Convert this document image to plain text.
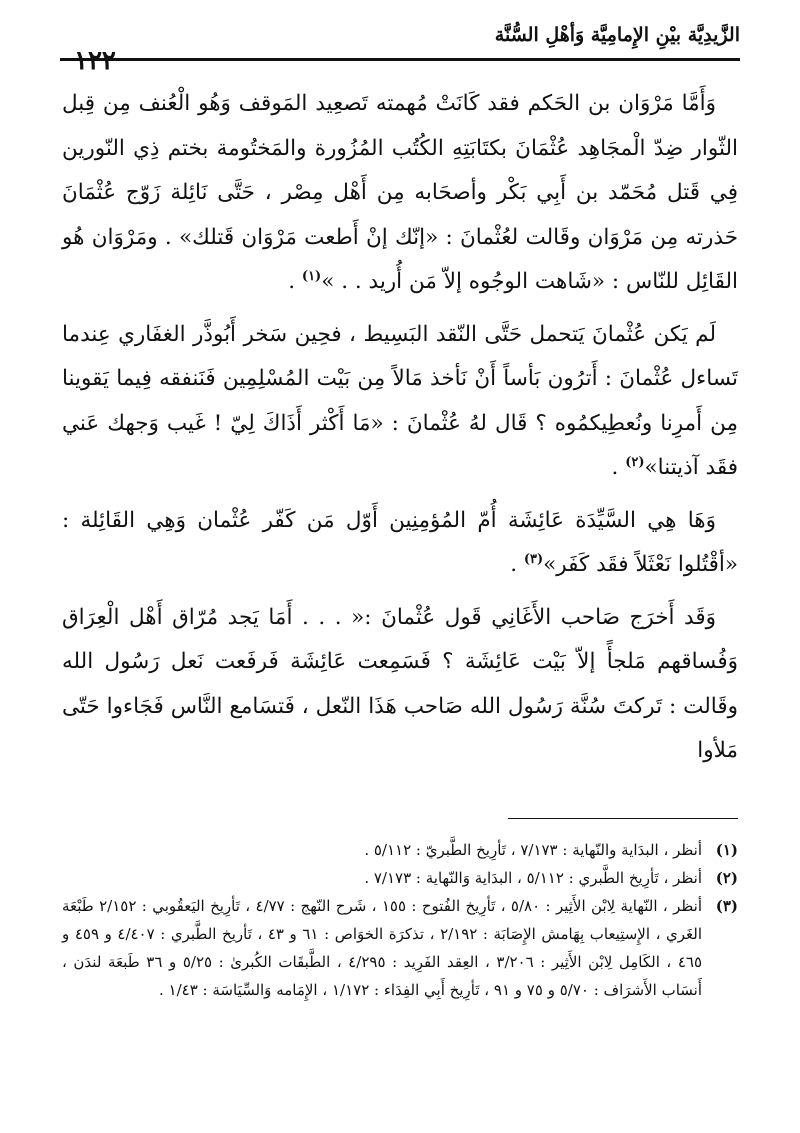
الزَّيدِيَّة بيْنِ الإِمامِيَّة وَأهْلِ السُّنَّة
١٢٢

وَأَمَّا مَرْوَان بن الحَكم فقد كَانَتْ مُهمته تَصعِيد المَوقف وَهُو الْعُنف مِن قِبل الثّوار ضِدّ الْمجَاهِد عُثْمَانَ بكتَابَتِهِ الكُتُب المُزُورة والمَختُومة بختم ذِي النّورين فِي قَتل مُحَمّد بن أَبِي بَكْر وأصحَابه مِن أَهْل مِصْر ، حَتَّى نَائِلة زَوّج عُثْمَانَ حَذرته مِن مَرْوَان وقَالت لعُثْمانَ : «إنّك إنْ أَطعت مَرْوَان قَتلك» . ومَرْوَان هُو القَائِل للنّاس : «شَاهت الوجُوه إلاّ مَن أُريد . . »$^{(١)}$ .

لَم يَكن عُثْمانَ يَتحمل حَتَّى النّقد البَسِيط ، فحِين سَخر أَبُوذَّر الغفَاري عِندما تَساءل عُثْمانَ : أَترُون بَأساً أَنْ نَأخذ مَالاً مِن بَيْت المُسْلِمِين فَنَنفقه فِيما يَقوينا مِن أَمرِنا ونُعطِيكمُوه ؟ قَال لهُ عُثْمانَ : «مَا أَكْثر أَذَاكَ لِيّ ! غَيب وَجهك عَني فقَد آذيتنا»$^{(٢)}$ .

وَهَا هِي السَّيِّدَة عَائِشَة أُمّ المُؤمِنِين أَوّل مَن كَفّر عُثْمان وَهِي القَائِلة : «أقْتُلوا نَعْثَلاً فقَد كَفَر»$^{(٣)}$ .

وَقَد أَخرَج صَاحب الأَغَانِي قَول عُثْمانَ :« . . . أَمَا يَجد مُرّاق أَهْل الْعِرَاق وَفُساقهم مَلجأً إلاّ بَيْت عَائِشَة ؟ فَسَمِعت عَائِشَة فَرفَعت نَعل رَسُول الله وقَالت : تَركتَ سُنَّة رَسُول الله صَاحب هَذَا النّعل ، فَتسَامع النَّاس فَجَاءوا حَتّى مَلأوا

(١)
أنظر ، البدَاية والنّهاية : ٧/١٧٣ ، تَأرِيخ الطَّبريّ : ٥/١١٢ .

(٢)
أنظر ، تَأرِيخ الطَّبري : ٥/١١٢ ، البدَاية وَالنّهاية : ٧/١٧٣ .

(٣)
أنظر ، النّهاية لِابْن الأَثِير : ٥/٨٠ ، تَأرِيخ الفُتوح : ١٥٥ ، شَرح النّهج : ٤/٧٧ ، تَأرِيخ اليَعقُوبي : ٢/١٥٢ طَبْعَة الغَري ، الإِستِيعاب بِهَامش الإِصَابَة : ٢/١٩٢ ، تذكرَة الخوَاص : ٦١ و ٤٣ ، تَأريخ الطَّبري : ٤/٤٠٧ و ٤٥٩ و ٤٦٥ ، الكَامِل لِابْن الأَثِير : ٣/٢٠٦ ، العِقد الفَرِيد : ٤/٢٩٥ ، الطَّبقَات الكُبرىٰ : ٥/٢٥ و ٣٦ طَبعَة لندَن ، أَنسَاب الأَشرَاف : ٥/٧٠ و ٧٥ و ٩١ ، تَأرِيخ أَبِي الفِدَاء : ١/١٧٢ ، الإِمَامه وَالسِّيَاسَة : ١/٤٣ .
